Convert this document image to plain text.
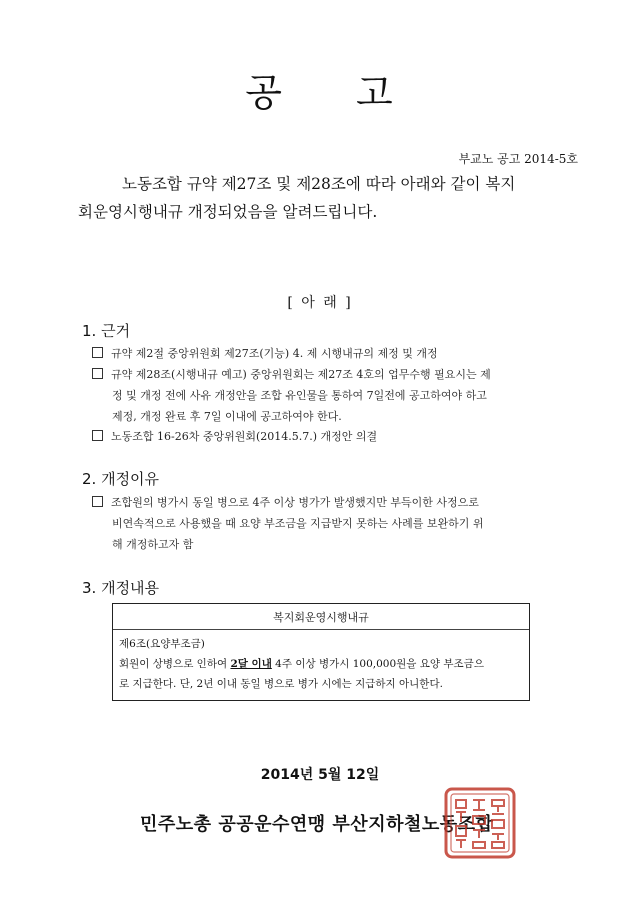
공 고
부교노 공고 2014-5호
노동조합 규약 제27조 및 제28조에 따라 아래와 같이 복지
회운영시행내규 개정되었음을 알려드립니다.
[ 아 래 ]
1. 근거
규약 제2절 중앙위원회 제27조(기능) 4. 제 시행내규의 제정 및 개정
규약 제28조(시행내규 예고) 중앙위원회는 제27조 4호의 업무수행 필요시는 제
정 및 개정 전에 사유 개정안을 조합 유인물을 통하여 7일전에 공고하여야 하고
제정, 개정 완료 후 7일 이내에 공고하여야 한다.
노동조합 16-26차 중앙위원회(2014.5.7.) 개정안 의결
2. 개정이유
조합원의 병가시 동일 병으로 4주 이상 병가가 발생했지만 부득이한 사정으로
비연속적으로 사용했을 때 요양 부조금을 지급받지 못하는 사례를 보완하기 위
해 개정하고자 함
3. 개정내용
복지회운영시행내규
제6조(요양부조금)
회원이 상병으로 인하여 2달 이내 4주 이상 병가시 100,000원을 요양 부조금으
로 지급한다. 단, 2년 이내 동일 병으로 병가 시에는 지급하지 아니한다.
2014년 5월 12일
민주노총 공공운수연맹 부산지하철노동조합
